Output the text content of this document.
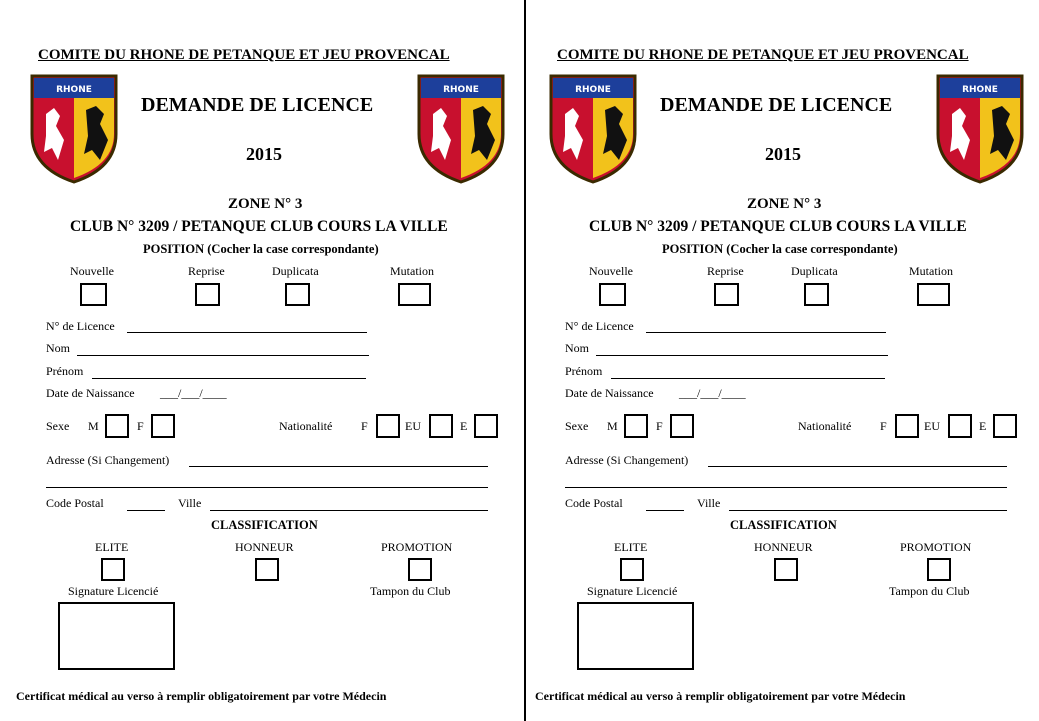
COMITE DU RHONE DE PETANQUE ET JEU PROVENCAL
RHONE	RHONE
DEMANDE DE LICENCE
2015
ZONE N° 3
CLUB N° 3209 / PETANQUE CLUB COURS LA VILLE
POSITION (Cocher la case correspondante)
Nouvelle	Reprise	Duplicata	Mutation
N° de Licence
Nom
Prénom
Date de Naissance ___/___/____
Sexe M	F	Nationalité F	EU	E
Adresse (Si Changement)
Code Postal	Ville
CLASSIFICATION
ELITE	HONNEUR	PROMOTION
Signature Licencié	Tampon du Club
Certificat médical au verso à remplir obligatoirement par votre Médecin
COMITE DU RHONE DE PETANQUE ET JEU PROVENCAL
RHONE	RHONE
DEMANDE DE LICENCE
2015
ZONE N° 3
CLUB N° 3209 / PETANQUE CLUB COURS LA VILLE
POSITION (Cocher la case correspondante)
Nouvelle	Reprise	Duplicata	Mutation
N° de Licence
Nom
Prénom
Date de Naissance ___/___/____
Sexe M	F	Nationalité F	EU	E
Adresse (Si Changement)
Code Postal	Ville
CLASSIFICATION
ELITE	HONNEUR	PROMOTION
Signature Licencié	Tampon du Club
Certificat médical au verso à remplir obligatoirement par votre Médecin
